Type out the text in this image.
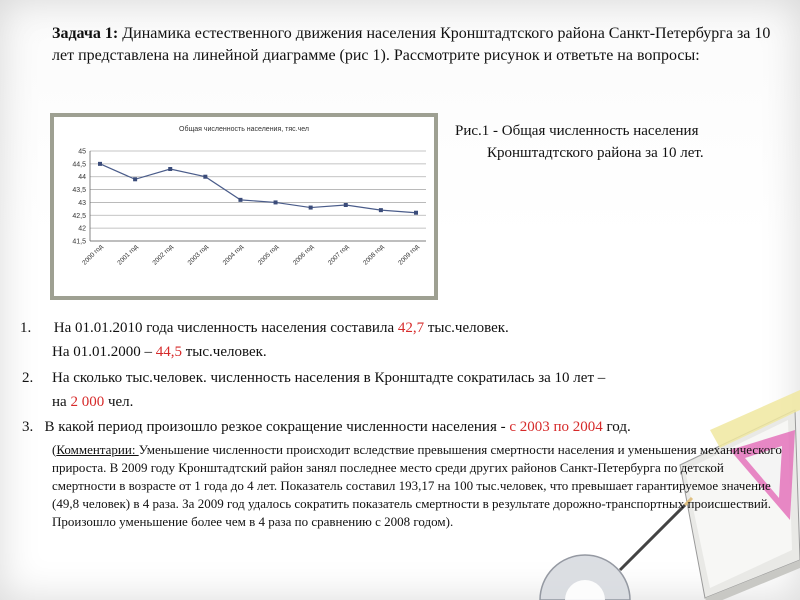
Задача 1: Динамика естественного движения населения Кронштадтского района Санкт-Петербурга за 10 лет представлена на линейной диаграмме (рис 1). Рассмотрите рисунок и ответьте на вопросы:
Общая численность населения, тяс.чел
45
44,5
44
43,5
43
42,5
42
41,5
2000 год 2001 год 2002 год 2003 год 2004 год 2005 год 2006 год 2007 год 2008 год 2009 год
Рис.1 - Общая численность населения
Кронштадтского района за 10 лет.
1. На 01.01.2010 года численность населения составила 42,7 тыс.человек.
На 01.01.2000 – 44,5 тыс.человек.
2. На сколько тыс.человек. численность населения в Кронштадте сократилась за 10 лет –
на 2 000 чел.
3. В какой период произошло резкое сокращение численности населения - с 2003 по 2004 год.
(Комментарии: Уменьшение численности происходит вследствие превышения смертности населения и уменьшения механического прироста. В 2009 году Кронштадтский район занял последнее место среди других районов Санкт-Петербурга по детской смертности в возрасте от 1 года до 4 лет. Показатель составил 193,17 на 100 тыс.человек, что превышает гарантируемое значение (49,8 человек) в 4 раза. За 2009 год удалось сократить показатель смертности в результате дорожно-транспортных происшествий. Произошло уменьшение более чем в 4 раза по сравнению с 2008 годом).
